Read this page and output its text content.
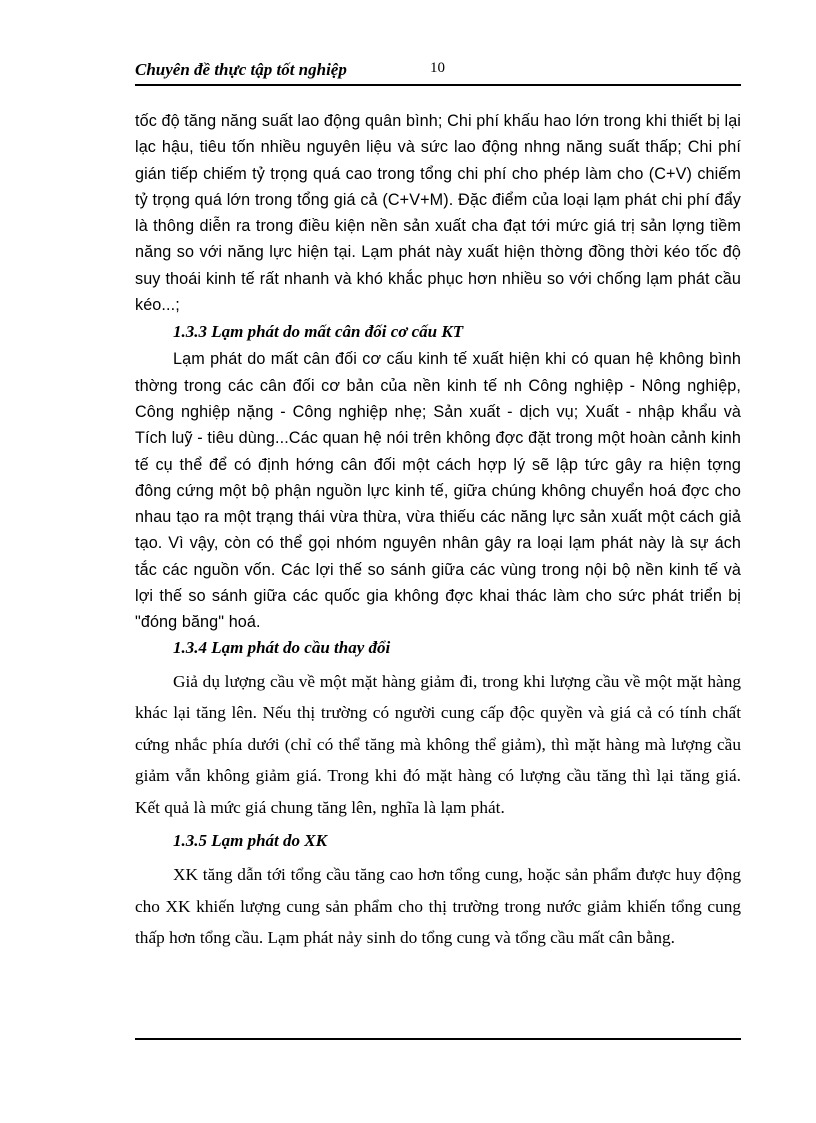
Chuyên đề thực tập tốt nghiệp	10

tốc độ tăng năng suất lao động quân bình; Chi phí khấu hao lớn trong khi thiết bị lại lạc hậu, tiêu tốn nhiều nguyên liệu và sức lao động nhng năng suất thấp; Chi phí gián tiếp chiếm tỷ trọng quá cao trong tổng chi phí cho phép làm cho (C+V) chiếm tỷ trọng quá lớn trong tổng giá cả (C+V+M). Đặc điểm của loại lạm phát chi phí đẩy là thông diễn ra trong điều kiện nền sản xuất cha đạt tới mức giá trị sản lợng tiềm năng so với năng lực hiện tại. Lạm phát này xuất hiện thờng đồng thời kéo tốc độ suy thoái kinh tế rất nhanh và khó khắc phục hơn nhiều so với chống lạm phát cầu kéo...;

1.3.3 Lạm phát do mất cân đối cơ cấu KT

Lạm phát do mất cân đối cơ cấu kinh tế xuất hiện khi có quan hệ không bình thờng trong các cân đối cơ bản của nền kinh tế nh Công nghiệp - Nông nghiệp, Công nghiệp nặng - Công nghiệp nhẹ; Sản xuất - dịch vụ; Xuất - nhập khẩu và Tích luỹ - tiêu dùng...Các quan hệ nói trên không đợc đặt trong một hoàn cảnh kinh tế cụ thể để có định hớng cân đối một cách hợp lý sẽ lập tức gây ra hiện tợng đông cứng một bộ phận nguồn lực kinh tế, giữa chúng không chuyển hoá đợc cho nhau tạo ra một trạng thái vừa thừa, vừa thiếu các năng lực sản xuất một cách giả tạo. Vì vậy, còn có thể gọi nhóm nguyên nhân gây ra loại lạm phát này là sự ách tắc các nguồn vốn. Các lợi thế so sánh giữa các vùng trong nội bộ nền kinh tế và lợi thế so sánh giữa các quốc gia không đợc khai thác làm cho sức phát triển bị "đóng băng" hoá.

1.3.4 Lạm phát do cầu thay đổi

Giả dụ lượng cầu về một mặt hàng giảm đi, trong khi lượng cầu về một mặt hàng khác lại tăng lên. Nếu thị trường có người cung cấp độc quyền và giá cả có tính chất cứng nhắc phía dưới (chỉ có thể tăng mà không thể giảm), thì mặt hàng mà lượng cầu giảm vẫn không giảm giá. Trong khi đó mặt hàng có lượng cầu tăng thì lại tăng giá. Kết quả là mức giá chung tăng lên, nghĩa là lạm phát.

1.3.5 Lạm phát do XK

XK tăng dẫn tới tổng cầu tăng cao hơn tổng cung, hoặc sản phẩm được huy động cho XK khiến lượng cung sản phẩm cho thị trường trong nước giảm khiến tổng cung thấp hơn tổng cầu. Lạm phát nảy sinh do tổng cung và tổng cầu mất cân bằng.
